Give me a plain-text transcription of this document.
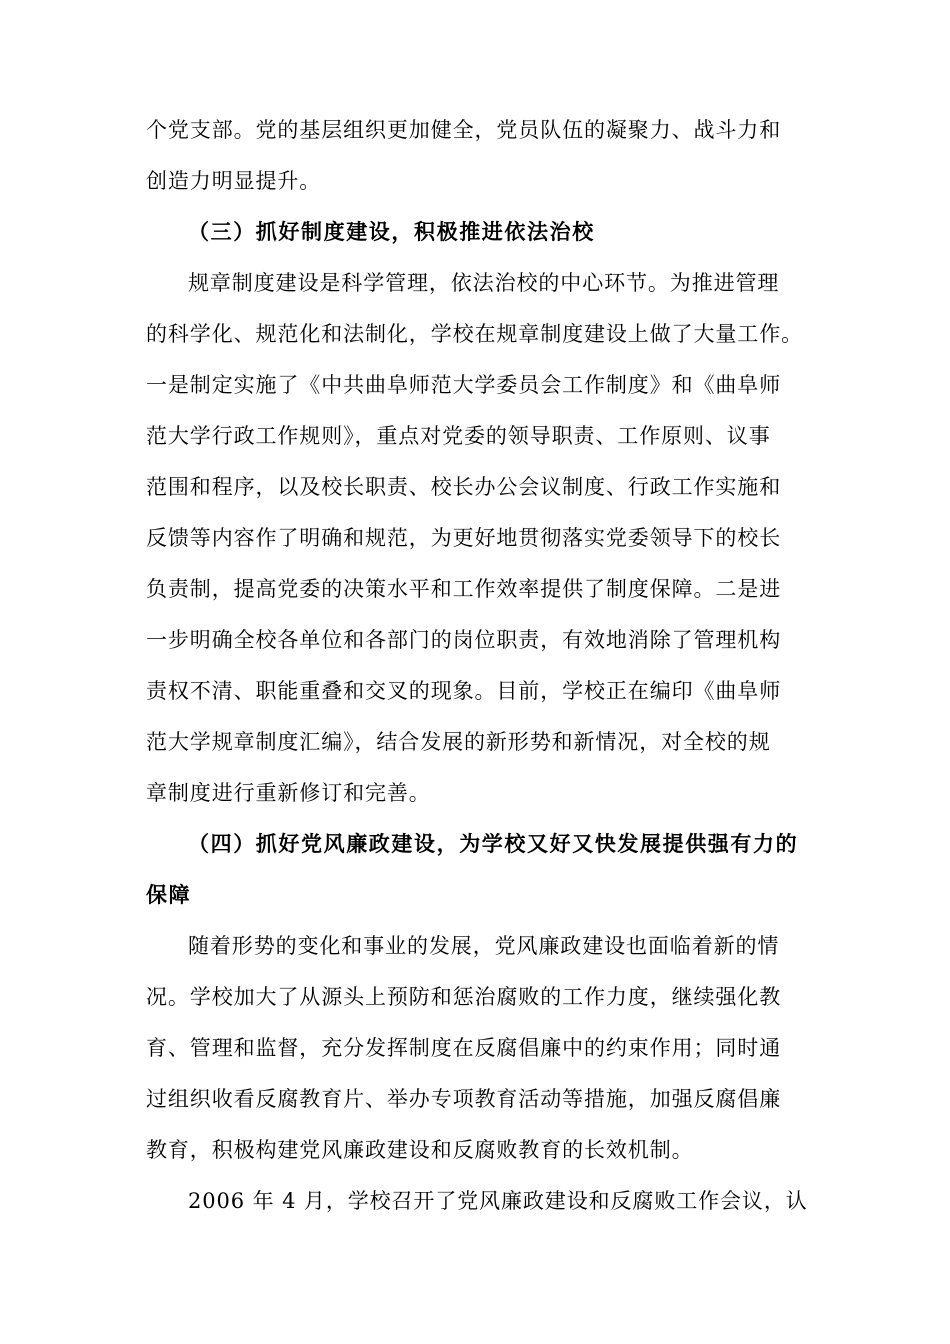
个党支部。党的基层组织更加健全，党员队伍的凝聚力、战斗力和
创造力明显提升。
（三）抓好制度建设，积极推进依法治校
规章制度建设是科学管理，依法治校的中心环节。为推进管理
的科学化、规范化和法制化，学校在规章制度建设上做了大量工作。
一是制定实施了《中共曲阜师范大学委员会工作制度》和《曲阜师
范大学行政工作规则》，重点对党委的领导职责、工作原则、议事
范围和程序，以及校长职责、校长办公会议制度、行政工作实施和
反馈等内容作了明确和规范，为更好地贯彻落实党委领导下的校长
负责制，提高党委的决策水平和工作效率提供了制度保障。二是进
一步明确全校各单位和各部门的岗位职责，有效地消除了管理机构
责权不清、职能重叠和交叉的现象。目前，学校正在编印《曲阜师
范大学规章制度汇编》，结合发展的新形势和新情况，对全校的规
章制度进行重新修订和完善。
（四）抓好党风廉政建设，为学校又好又快发展提供强有力的
保障
随着形势的变化和事业的发展，党风廉政建设也面临着新的情
况。学校加大了从源头上预防和惩治腐败的工作力度，继续强化教
育、管理和监督，充分发挥制度在反腐倡廉中的约束作用；同时通
过组织收看反腐教育片、举办专项教育活动等措施，加强反腐倡廉
教育，积极构建党风廉政建设和反腐败教育的长效机制。
2006 年 4 月，学校召开了党风廉政建设和反腐败工作会议，认
